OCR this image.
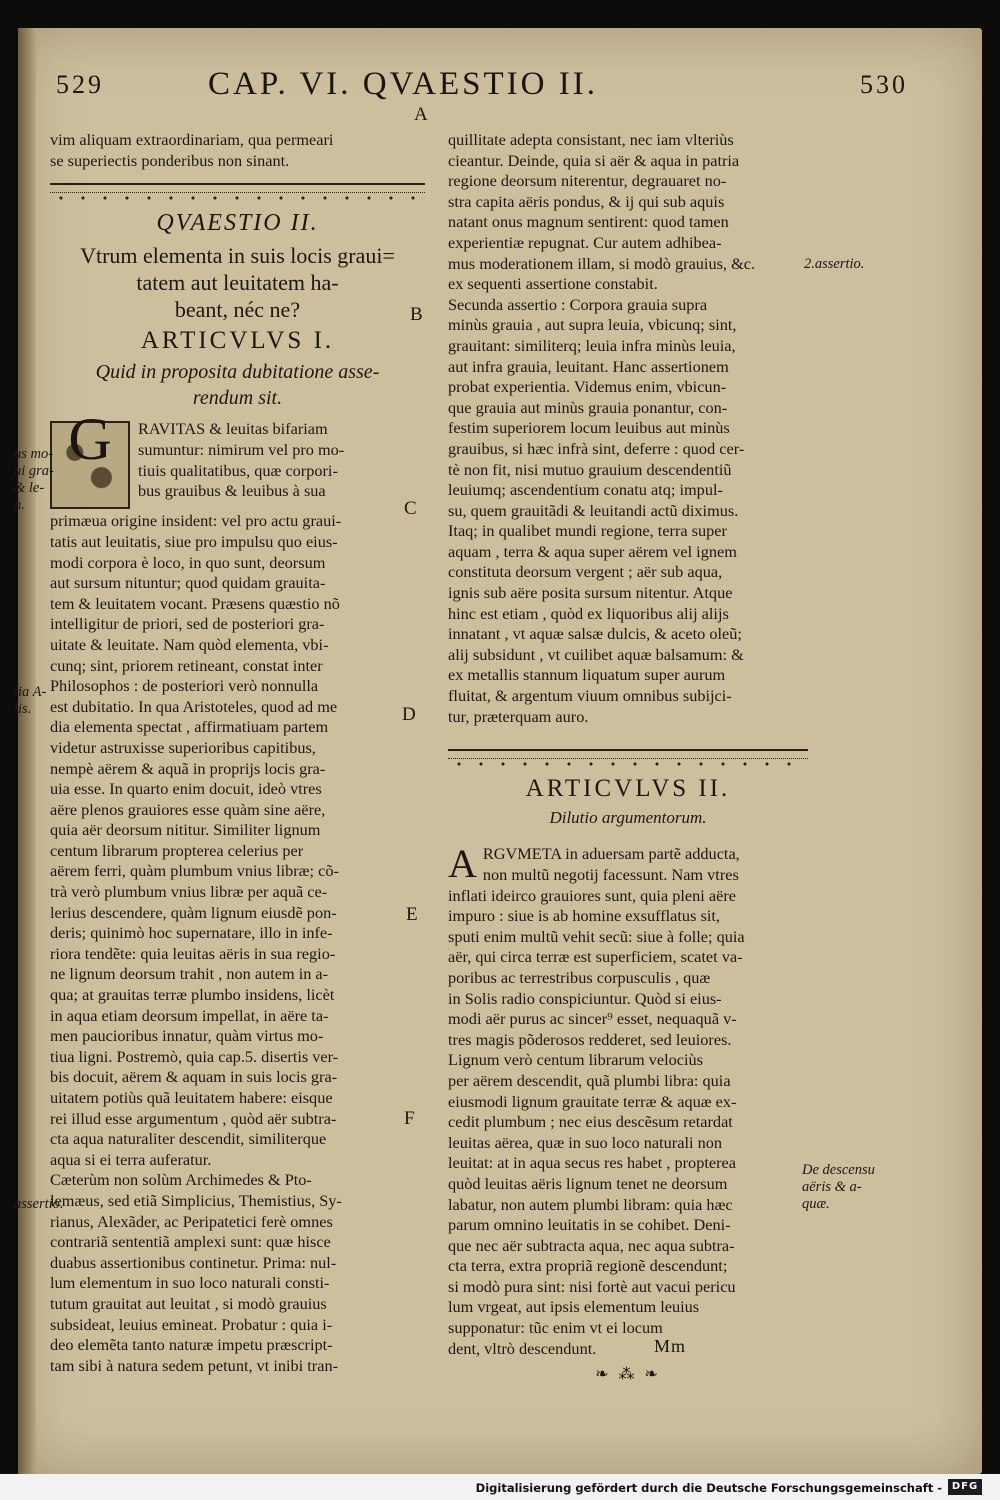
529	CAP. VI. QVAESTIO II.	530

vim aliquam extraordinariam, qua permeari

se superiectis ponderibus non sinant.

QVAESTIO II.
Vtrum elementa in suis locis graui=
tatem aut leuitatem ha-
beant, néc ne?
ARTICVLVS I.
Quid in proposita dubitatione asse-
rendum sit.
G	RAVITAS & leuitas bifariam

sumuntur: nimirum vel pro mo-

tiuis qualitatibus, quæ corpori-

bus grauibus & leuibus à sua

primæua origine insident: vel pro actu graui-

tatis aut leuitatis, siue pro impulsu quo eius-

modi corpora è loco, in quo sunt, deorsum

aut sursum nituntur; quod quidam grauita-

tem & leuitatem vocant. Præsens quæstio nõ

intelligitur de priori, sed de posteriori gra-

uitate & leuitate. Nam quòd elementa, vbi-

cunq; sint, priorem retineant, constat inter

Philosophos : de posteriori verò nonnulla

est dubitatio. In qua Aristoteles, quod ad me

dia elementa spectat , affirmatiuam partem

videtur astruxisse superioribus capitibus,

nempè aërem & aquã in proprijs locis gra-

uia esse. In quarto enim docuit, ideò vtres

aëre plenos grauiores esse quàm sine aëre,

quia aër deorsum nititur. Similiter lignum

centum librarum propterea celerius per

aërem ferri, quàm plumbum vnius libræ; cõ-

trà verò plumbum vnius libræ per aquã ce-

lerius descendere, quàm lignum eiusdẽ pon-

deris; quinimò hoc supernatare, illo in infe-

riora tendẽte: quia leuitas aëris in sua regio-

ne lignum deorsum trahit , non autem in a-

qua; at grauitas terræ plumbo insidens, licèt

in aqua etiam deorsum impellat, in aëre ta-

men paucioribus innatur, quàm virtus mo-

tiua ligni. Postremò, quia cap.5. disertis ver-

bis docuit, aërem & aquam in suis locis gra-

uitatem potiùs quã leuitatem habere: eisque

rei illud esse argumentum , quòd aër subtra-

cta aqua naturaliter descendit, similiterque

aqua si ei terra auferatur.

Cæterùm non solùm Archimedes & Pto-

lemæus, sed etiã Simplicius, Themistius, Sy-

rianus, Alexãder, ac Peripatetici ferè omnes

contrariã sententiã amplexi sunt: quæ hisce

duabus assertionibus continetur. Prima: nul-

lum elementum in suo loco naturali consti-

tutum grauitat aut leuitat , si modò grauius

subsideat, leuius emineat. Probatur : quia i-

deo elemẽta tanto naturæ impetu præscript-

tam sibi à natura sedem petunt, vt inibi tran-

quillitate adepta consistant, nec iam vlteriùs

cieantur. Deinde, quia si aër & aqua in patria

regione deorsum niterentur, degrauaret no-

stra capita aëris pondus, & ij qui sub aquis

natant onus magnum sentirent: quod tamen

experientiæ repugnat. Cur autem adhibea-

mus moderationem illam, si modò grauius, &c.

ex sequenti assertione constabit.

Secunda assertio : Corpora grauia supra

minùs grauia , aut supra leuia, vbicunq; sint,

grauitant: similiterq; leuia infra minùs leuia,

aut infra grauia, leuitant. Hanc assertionem

probat experientia. Videmus enim, vbicun-

que grauia aut minùs grauia ponantur, con-

festim superiorem locum leuibus aut minùs

grauibus, si hæc infrà sint, deferre : quod cer-

tè non fit, nisi mutuo grauium descendentiũ

leuiumq; ascendentium conatu atq; impul-

su, quem grauitãdi & leuitandi actũ diximus.

Itaq; in qualibet mundi regione, terra super

aquam , terra & aqua super aërem vel ignem

constituta deorsum vergent ; aër sub aqua,

ignis sub aëre posita sursum nitentur. Atque

hinc est etiam , quòd ex liquoribus alij alijs

innatant , vt aquæ salsæ dulcis, & aceto oleũ;

alij subsidunt , vt cuilibet aquæ balsamum: &

ex metallis stannum liquatum super aurum

fluitat, & argentum viuum omnibus subijci-

tur, præterquam auro.

ARTICVLVS II.
Dilutio argumentorum.
A RGVMETA in aduersam partẽ adducta,

non multũ negotij facessunt. Nam vtres

inflati ideirco grauiores sunt, quia pleni aëre

impuro : siue is ab homine exsufflatus sit,

sputi enim multũ vehit secũ: siue à folle; quia

aër, qui circa terræ est superficiem, scatet va-

poribus ac terrestribus corpusculis , quæ

in Solis radio conspiciuntur. Quòd si eius-

modi aër purus ac sincer⁹ esset, nequaquã v-

tres magis põderosos redderet, sed leuiores.

Lignum verò centum librarum velociùs

per aërem descendit, quã plumbi libra: quia

eiusmodi lignum grauitate terræ & aquæ ex-

cedit plumbum ; nec eius descẽsum retardat

leuitas aërea, quæ in suo loco naturali non

leuitat: at in aqua secus res habet , propterea

quòd leuitas aëris lignum tenet ne deorsum

labatur, non autem plumbi libram: quia hæc

parum omnino leuitatis in se cohibet. Deni-

que nec aër subtracta aqua, nec aqua subtra-

cta terra, extra propriã regionẽ descendunt;

si modò pura sint: nisi fortè aut vacui pericu

lum vrgeat, aut ipsis elementum leuius

supponatur: tũc enim vt ei locum

dent, vltrò descendunt.

❧ ⁂ ❧
us mo-
ui gra-
& le-
n.
tia A-
lis.
assertio.
2.assertio.
De descensu
aëris & a-
quæ.
A
B
C
D
E
F
Mm
Digitalisierung gefördert durch die Deutsche Forschungsgemeinschaft - DFG
